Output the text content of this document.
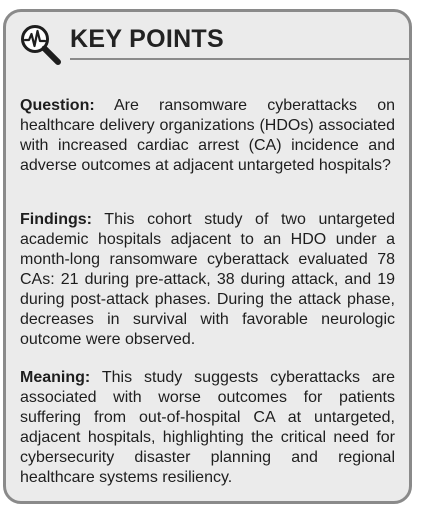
KEY POINTS

Question: Are ransomware cyberattacks on healthcare delivery organizations (HDOs) associated with increased cardiac arrest (CA) incidence and adverse outcomes at adjacent untargeted hospitals?

Findings: This cohort study of two untargeted academic hospitals adjacent to an HDO under a month-long ransomware cyberattack evaluated 78 CAs: 21 during pre-attack, 38 during attack, and 19 during post-attack phases. During the attack phase, decreases in survival with favorable neurologic outcome were observed.

Meaning: This study suggests cyberattacks are associated with worse outcomes for patients suffering from out-of-hospital CA at untargeted, adjacent hospitals, highlighting the critical need for cybersecurity disaster planning and regional healthcare systems resiliency.
